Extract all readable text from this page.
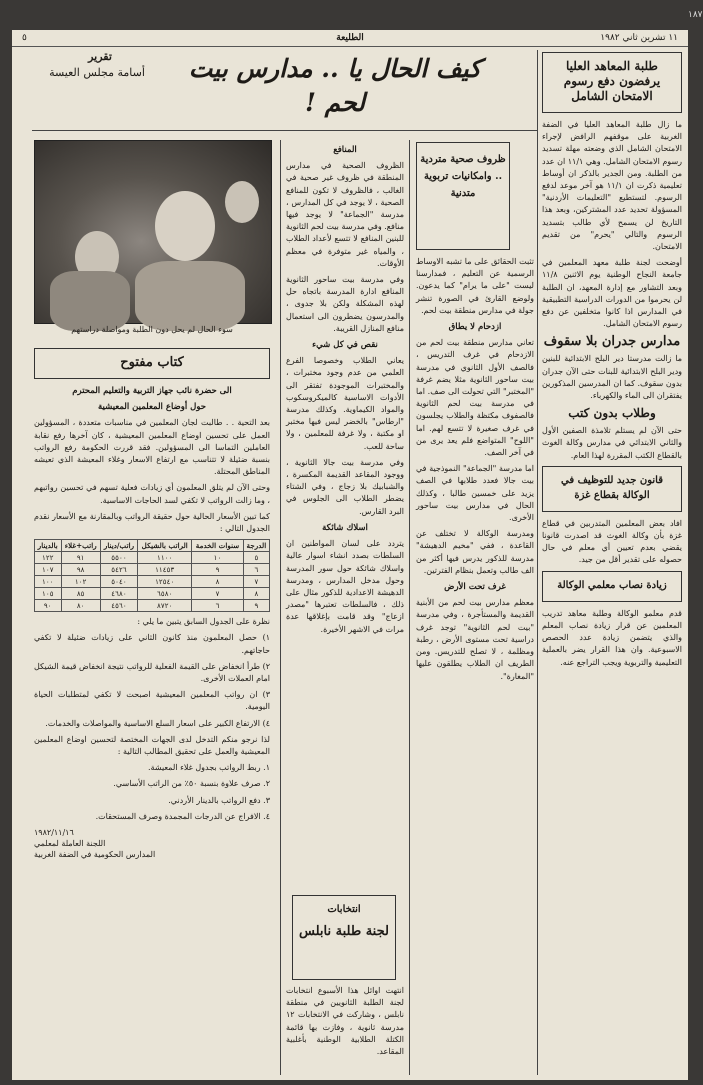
١١ تشرين ثاني ١٩٨٢
الطليعة
٥
طلبة المعاهد العليا يرفضون دفع رسوم الامتحان الشامل

ما زال طلبة المعاهد العليا في الضفة الغربية على موقفهم الرافض لإجراء الامتحان الشامل الذي وضعته مهلة تسديد رسوم الامتحان الشامل. وهي ١١/١ ان عدد من الطلبة. ومن الجدير بالذكر ان أوساط تعليمية ذكرت ان ١١/١ هو آخر موعد لدفع الرسوم. لتستطيع "التعليمات الأردنية" المسؤولة تحديد عدد المشتركين، وبعد هذا التاريخ لن يسمح لأي طالب بتسديد الرسوم والتالي "يحرم" من تقديم الامتحان.

أوضحت لجنة طلبة معهد المعلمين في جامعة النجاح الوطنية يوم الاثنين ١١/٨ وبعد التشاور مع إدارة المعهد، ان الطلبة لن يحرموا من الدورات الدراسية التطبيقية في المدارس اذا كانوا متخلفين عن دفع رسوم الامتحان الشامل.

مدارس جدران بلا سقوف

ما زالت مدرستا دير البلح الابتدائية للبنين ودير البلح الابتدائية للبنات حتى الآن جدران بدون سقوف. كما ان المدرسين المذكورين يفتقران الى الماء والكهرباء.

وطلاب بدون كتب

حتى الآن لم يستلم تلامذة الصفين الأول والثاني الابتدائي في مدارس وكالة الغوث بالقطاع الكتب المقررة لهذا العام.

قانون جديد للتوظيف في الوكالة بقطاع غزة

افاد بعض المعلمين المتدربين في قطاع غزة بأن وكالة الغوث قد اصدرت قانونا يقضي بعدم تعيين أي معلم في حال حصوله على تقدير أقل من جيد.

زيادة نصاب معلمي الوكالة

قدم معلمو الوكالة وطلبة معاهد تدريب المعلمين عن قرار زيادة نصاب المعلم والذي يتضمن زيادة عدد الحصص الاسبوعية. وان هذا القرار يضر بالعملية التعليمية والتربوية ويجب التراجع عنه.

كيف الحال يا .. مدارس بيت لحم !
تقرير
أسامة مجلس العيسة
ظروف صحية متردية .. وامكانيات تربوية متدنية

تثبت الحقائق على ما تشبه الاوساط الرسمية عن التعليم ، فمدارسنا ليست "على ما يرام" كما يدعون. ولوضع القارئ في الصورة تنشر جولة في مدارس منطقة بيت لحم.

ازدحام لا يطاق

تعاني مدارس منطقة بيت لحم من الازدحام في غرف التدريس ، فالصف الأول الثانوي في مدرسة بيت ساحور الثانوية مثلا يضم غرفة "المختبر" التي تحولت الى صف. اما في مدرسة بيت لحم الثانوية فالصفوف مكتظة والطلاب يجلسون في غرف صغيرة لا تتسع لهم. اما "اللوح" المتواضع فلم يعد يرى من في آخر الصف.

اما مدرسة "الجماعة" النموذجية في بيت جالا فعدد طلابها في الصف يزيد على خمسين طالبا ، وكذلك الحال في مدارس بيت ساحور الأخرى.

ومدرسة الوكالة لا تختلف عن القاعدة ، ففي "مخيم الدهيشة" مدرسة للذكور يدرس فيها أكثر من الف طالب وتعمل بنظام الفترتين.

غرف تحت الأرض

معظم مدارس بيت لحم من الأبنية القديمة والمستأجرة ، وفي مدرسة "بيت لحم الثانوية" توجد غرف دراسية تحت مستوى الأرض ، رطبة ومظلمة ، لا تصلح للتدريس. ومن الطريف ان الطلاب يطلقون عليها "المغارة".

المنافع

الظروف الصحية في مدارس المنطقة في ظروف غير صحية في الغالب ، فالظروف لا تكون للمنافع الصحية ، لا يوجد في كل المدارس ، مدرسة "الجماعة" لا يوجد فيها منافع. وفي مدرسة بيت لحم الثانوية للبنين المنافع لا تتسع لأعداد الطلاب ، والمياه غير متوفرة في معظم الأوقات.

وفي مدرسة بيت ساحور الثانوية المنافع ادارة المدرسة باتجاه حل لهذه المشكلة ولكن بلا جدوى ، والمدرسون يضطرون الى استعمال منافع المنازل القريبة.

نقص في كل شيء

يعاني الطلاب وخصوصا الفرع العلمي من عدم وجود مختبرات ، والمختبرات الموجودة تفتقر الى الأدوات الاساسية كالميكروسكوب والمواد الكيماوية. وكذلك مدرسة "ارطاس" بالخضر ليس فيها مختبر او مكتبة ، ولا غرفة للمعلمين ، ولا ساحة للعب.

وفي مدرسة بيت جالا الثانوية ، ووجود المقاعد القديمة المكسرة ، والشبابيك بلا زجاج ، وفي الشتاء يضطر الطلاب الى الجلوس في البرد القارس.

اسلاك شائكة

يتردد على لسان المواطنين ان السلطات بصدد انشاء اسوار عالية واسلاك شائكة حول سور المدرسة وحول مدخل المدارس ، ومدرسة الدهيشة الاعدادية للذكور مثال على ذلك ، فالسلطات تعتبرها "مصدر ازعاج" وقد قامت بإغلاقها عدة مرات في الاشهر الأخيرة.

انتخابات
لجنة طلبة نابلس
انتهت اوائل هذا الأسبوع انتخابات لجنة الطلبة الثانويين في منطقة نابلس ، وشاركت في الانتخابات ١٢ مدرسة ثانوية ، وفازت بها قائمة الكتلة الطلابية الوطنية بأغلبية المقاعد.
سوء الحال لم يحل دون الطلبة ومواصلة دراستهم
كتاب مفتوح
الى حضرة نائب جهاز التربية والتعليم المحترم
حول أوضاع المعلمين المعيشية

بعد التحية . . طالبت لجان المعلمين في مناسبات متعددة ، المسؤولين العمل على تحسين اوضاع المعلمين المعيشية ، كان آخرها رفع نقابة العاملين التماسا الى المسؤولين. فقد قررت الحكومة رفع الرواتب بنسبة ضئيلة لا تتناسب مع ارتفاع الاسعار وغلاء المعيشة الذي تعيشه المناطق المحتلة.

وحتى الآن لم يتلق المعلمون أي زيادات فعلية تسهم في تحسين رواتبهم ، وما زالت الرواتب لا تكفي لسد الحاجات الاساسية.

كما تبين الأسعار الحالية حول حقيقة الرواتب وبالمقارنة مع الأسعار نقدم الجدول التالي :

الدرجة	سنوات الخدمة	الراتب بالشيكل	راتب/دينار	راتب+غلاء	بالدينار
٥	١٠	١١٠٠	٥٥٠٠	٩١	١٢٢
٦	٩	١١٤٥٣	٥٤٢٦	٩٨	١٠٧
٧	٨	١٢٥٤٠	٥٠٤٠	١٠٢	١٠٠
٨	٧	٦٥٨٠	٤٦٨٠	٨٥	١٠٥
٩	٦	٨٧٢٠	٤٥٦٠	٨٠	٩٠

نظرة على الجدول السابق يتبين ما يلي :

١) حصل المعلمون منذ كانون الثاني على زيادات ضئيلة لا تكفي حاجاتهم.

٢) طرأ انخفاض على القيمة الفعلية للرواتب نتيجة انخفاض قيمة الشيكل امام العملات الأخرى.

٣) ان رواتب المعلمين المعيشية اصبحت لا تكفي لمتطلبات الحياة اليومية.

٤) الارتفاع الكبير على اسعار السلع الاساسية والمواصلات والخدمات.

لذا نرجو منكم التدخل لدى الجهات المختصة لتحسين اوضاع المعلمين المعيشية والعمل على تحقيق المطالب التالية :

١. ربط الرواتب بجدول غلاء المعيشة.

٢. صرف علاوة بنسبة ٥٠٪ من الراتب الأساسي.

٣. دفع الرواتب بالدينار الأردني.

٤. الافراج عن الدرجات المجمدة وصرف المستحقات.

١٩٨٢/١١/١٦
اللجنة العاملة لمعلمي
المدارس الحكومية في الضفة الغربية
١٨٧
